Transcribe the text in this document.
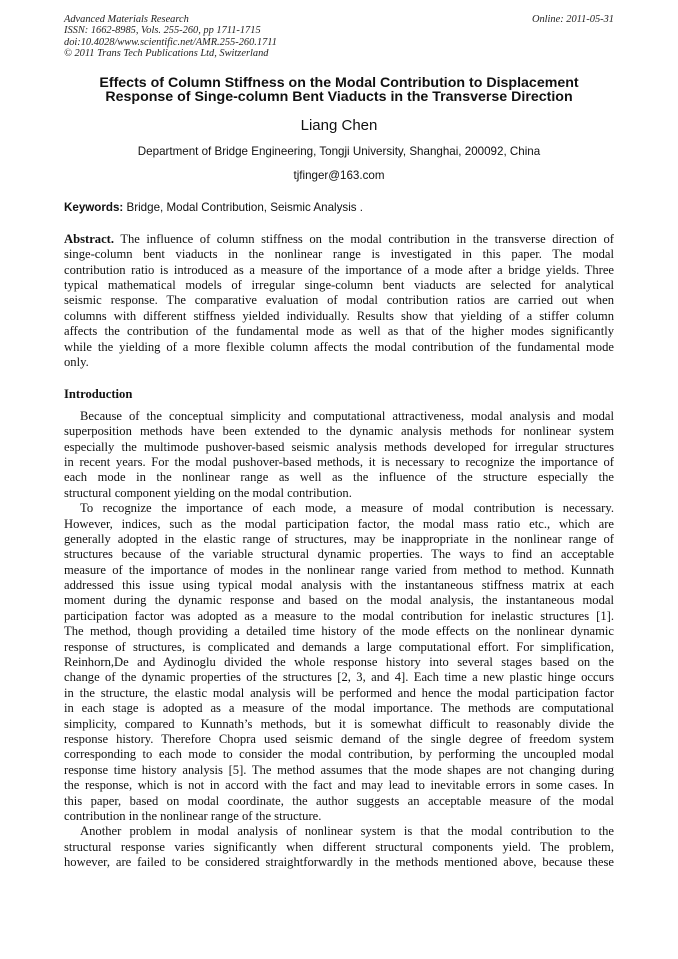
Advanced Materials Research
ISSN: 1662-8985, Vols. 255-260, pp 1711-1715
doi:10.4028/www.scientific.net/AMR.255-260.1711
© 2011 Trans Tech Publications Ltd, Switzerland
Online: 2011-05-31
Effects of Column Stiffness on the Modal Contribution to Displacement
Response of Singe-column Bent Viaducts in the Transverse Direction
Liang Chen
Department of Bridge Engineering, Tongji University, Shanghai, 200092, China
tjfinger@163.com
Keywords: Bridge, Modal Contribution, Seismic Analysis .
Abstract. The influence of column stiffness on the modal contribution in the transverse direction of
singe-column bent viaducts in the nonlinear range is investigated in this paper. The modal
contribution ratio is introduced as a measure of the importance of a mode after a bridge yields. Three
typical mathematical models of irregular singe-column bent viaducts are selected for analytical
seismic response. The comparative evaluation of modal contribution ratios are carried out when
columns with different stiffness yielded individually. Results show that yielding of a stiffer column
affects the contribution of the fundamental mode as well as that of the higher modes significantly
while the yielding of a more flexible column affects the modal contribution of the fundamental mode
only.
Introduction
Because of the conceptual simplicity and computational attractiveness, modal analysis and modal
superposition methods have been extended to the dynamic analysis methods for nonlinear system
especially the multimode pushover-based seismic analysis methods developed for irregular structures
in recent years. For the modal pushover-based methods, it is necessary to recognize the importance of
each mode in the nonlinear range as well as the influence of the structure especially the
structural component yielding on the modal contribution.
To recognize the importance of each mode, a measure of modal contribution is necessary.
However, indices, such as the modal participation factor, the modal mass ratio etc., which are
generally adopted in the elastic range of structures, may be inappropriate in the nonlinear range of
structures because of the variable structural dynamic properties. The ways to find an acceptable
measure of the importance of modes in the nonlinear range varied from method to method. Kunnath
addressed this issue using typical modal analysis with the instantaneous stiffness matrix at each
moment during the dynamic response and based on the modal analysis, the instantaneous modal
participation factor was adopted as a measure to the modal contribution for inelastic structures [1].
The method, though providing a detailed time history of the mode effects on the nonlinear dynamic
response of structures, is complicated and demands a large computational effort. For simplification,
Reinhorn,De and Aydinoglu divided the whole response history into several stages based on the
change of the dynamic properties of the structures [2, 3, and 4]. Each time a new plastic hinge occurs
in the structure, the elastic modal analysis will be performed and hence the modal participation factor
in each stage is adopted as a measure of the modal importance. The methods are computational
simplicity, compared to Kunnath’s methods, but it is somewhat difficult to reasonably divide the
response history. Therefore Chopra used seismic demand of the single degree of freedom system
corresponding to each mode to consider the modal contribution, by performing the uncoupled modal
response time history analysis [5]. The method assumes that the mode shapes are not changing during
the response, which is not in accord with the fact and may lead to inevitable errors in some cases. In
this paper, based on modal coordinate, the author suggests an acceptable measure of the modal
contribution in the nonlinear range of the structure.
Another problem in modal analysis of nonlinear system is that the modal contribution to the
structural response varies significantly when different structural components yield. The problem,
however, are failed to be considered straightforwardly in the methods mentioned above, because these
